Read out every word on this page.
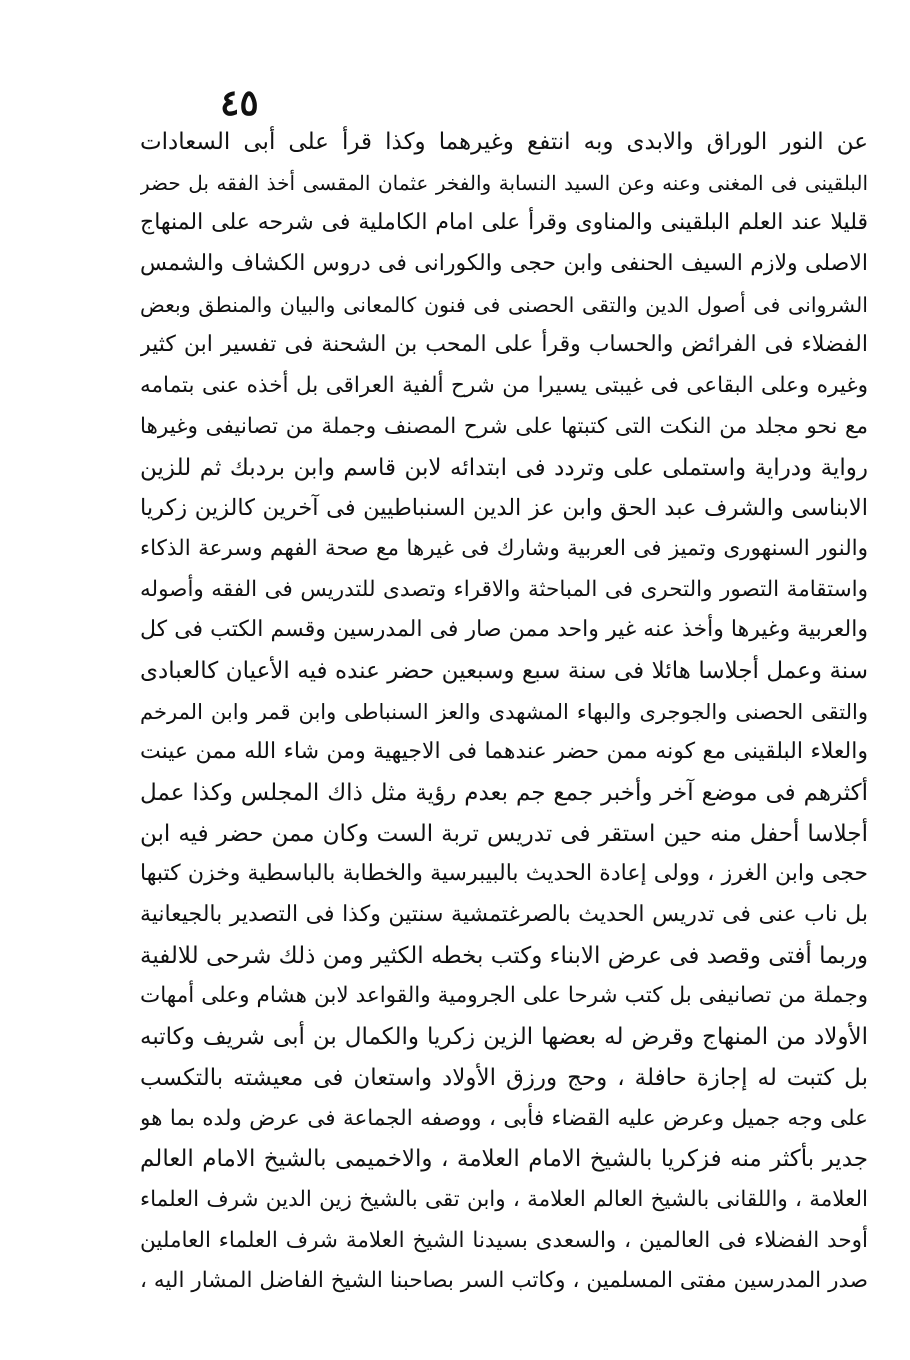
٤٥
عن النور الوراق والابدى وبه انتفع وغيرهما وكذا قرأ على أبى السعادات
البلقينى فى المغنى وعنه وعن السيد النسابة والفخر عثمان المقسى أخذ الفقه بل حضر
قليلا عند العلم البلقينى والمناوى وقرأ على امام الكاملية فى شرحه على المنهاج
الاصلى ولازم السيف الحنفى وابن حجى والكورانى فى دروس الكشاف والشمس
الشروانى فى أصول الدين والتقى الحصنى فى فنون كالمعانى والبيان والمنطق وبعض
الفضلاء فى الفرائض والحساب وقرأ على المحب بن الشحنة فى تفسير ابن كثير
وغيره وعلى البقاعى فى غيبتى يسيرا من شرح ألفية العراقى بل أخذه عنى بتمامه
مع نحو مجلد من النكت التى كتبتها على شرح المصنف وجملة من تصانيفى وغيرها
رواية ودراية واستملى على وتردد فى ابتدائه لابن قاسم وابن بردبك ثم للزين
الابناسى والشرف عبد الحق وابن عز الدين السنباطيين فى آخرين كالزين زكريا
والنور السنهورى وتميز فى العربية وشارك فى غيرها مع صحة الفهم وسرعة الذكاء
واستقامة التصور والتحرى فى المباحثة والاقراء وتصدى للتدريس فى الفقه وأصوله
والعربية وغيرها وأخذ عنه غير واحد ممن صار فى المدرسين وقسم الكتب فى كل
سنة وعمل أجلاسا هائلا فى سنة سبع وسبعين حضر عنده فيه الأعيان كالعبادى
والتقى الحصنى والجوجرى والبهاء المشهدى والعز السنباطى وابن قمر وابن المرخم
والعلاء البلقينى مع كونه ممن حضر عندهما فى الاجيهية ومن شاء الله ممن عينت
أكثرهم فى موضع آخر وأخبر جمع جم بعدم رؤية مثل ذاك المجلس وكذا عمل
أجلاسا أحفل منه حين استقر فى تدريس تربة الست وكان ممن حضر فيه ابن
حجى وابن الغرز ، وولى إعادة الحديث بالبيبرسية والخطابة بالباسطية وخزن كتبها
بل ناب عنى فى تدريس الحديث بالصرغتمشية سنتين وكذا فى التصدير بالجيعانية
وربما أفتى وقصد فى عرض الابناء وكتب بخطه الكثير ومن ذلك شرحى للالفية
وجملة من تصانيفى بل كتب شرحا على الجرومية والقواعد لابن هشام وعلى أمهات
الأولاد من المنهاج وقرض له بعضها الزين زكريا والكمال بن أبى شريف وكاتبه
بل كتبت له إجازة حافلة ، وحج ورزق الأولاد واستعان فى معيشته بالتكسب
على وجه جميل وعرض عليه القضاء فأبى ، ووصفه الجماعة فى عرض ولده بما هو
جدير بأكثر منه فزكريا بالشيخ الامام العلامة ، والاخميمى بالشيخ الامام العالم
العلامة ، واللقانى بالشيخ العالم العلامة ، وابن تقى بالشيخ زين الدين شرف العلماء
أوحد الفضلاء فى العالمين ، والسعدى بسيدنا الشيخ العلامة شرف العلماء العاملين
صدر المدرسين مفتى المسلمين ، وكاتب السر بصاحبنا الشيخ الفاضل المشار اليه ،
